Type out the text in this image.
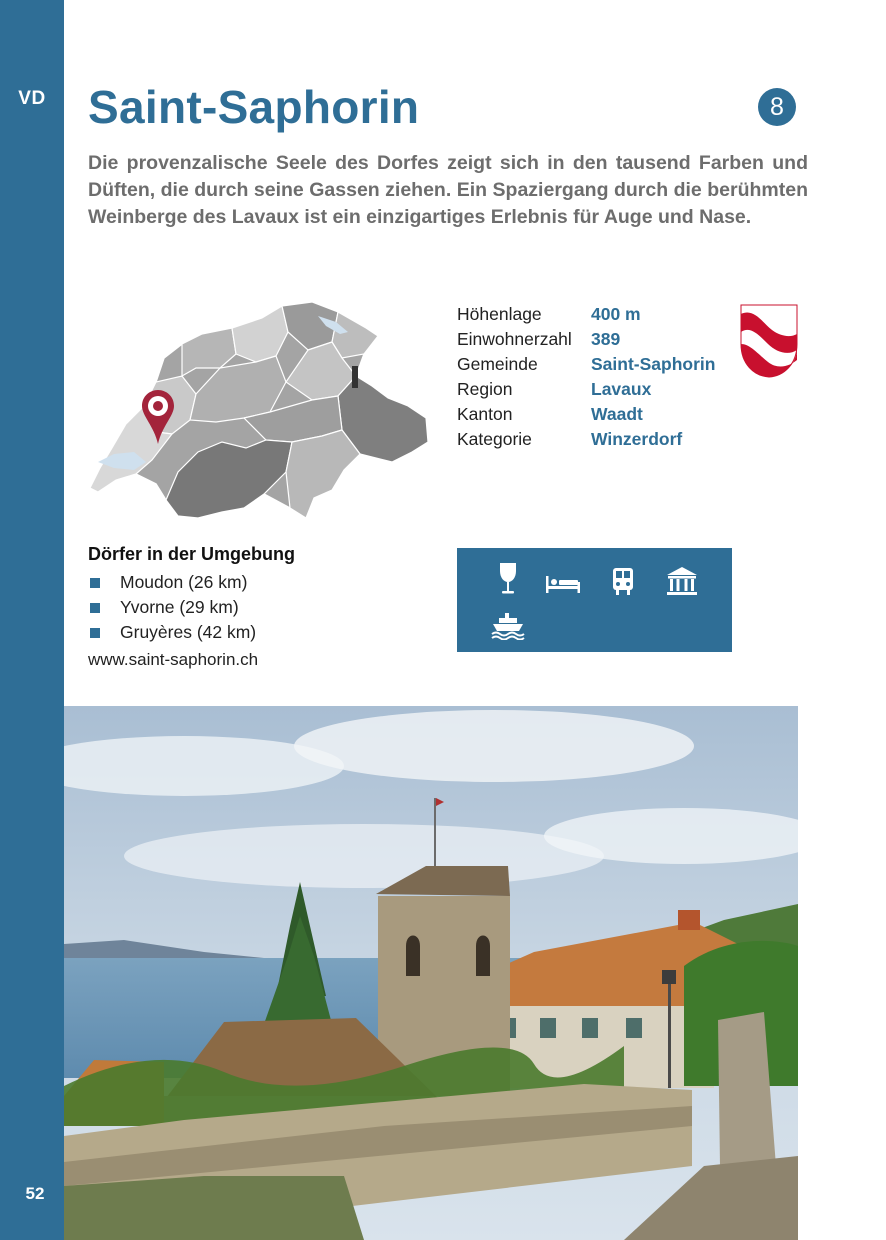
VD
52
Saint-Saphorin	8

Die provenzalische Seele des Dorfes zeigt sich in den tausend Farben und Düften, die durch seine Gassen ziehen. Ein Spaziergang durch die berühmten Weinberge des Lavaux ist ein einzigartiges Erlebnis für Auge und Nase.

Höhenlage	400 m
Einwohnerzahl	389
Gemeinde	Saint-Saphorin
Region	Lavaux
Kanton	Waadt
Kategorie	Winzerdorf
Dörfer in der Umgebung
Moudon (26 km)
Yvorne (29 km)
Gruyères (42 km)
www.saint-saphorin.ch
